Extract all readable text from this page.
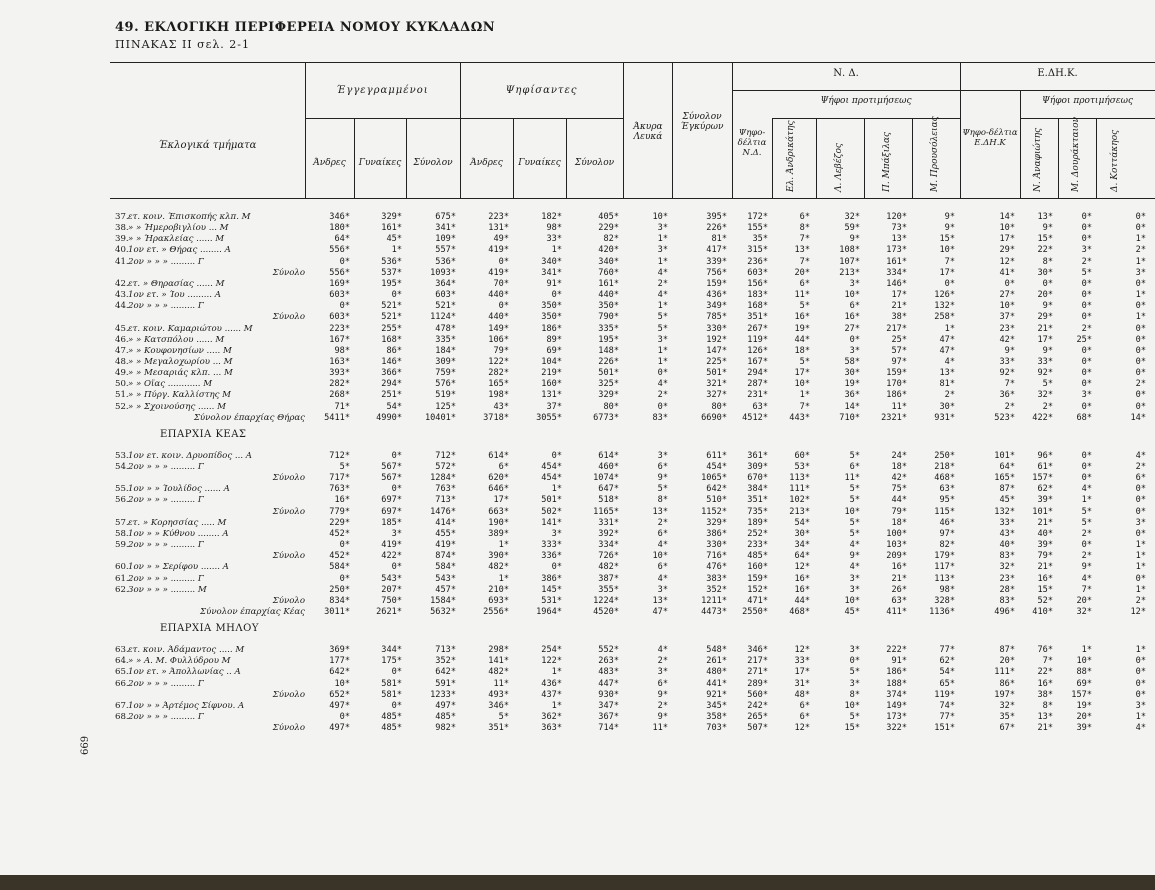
49. ΕΚΛΟΓΙΚΗ ΠΕΡΙΦΕΡΕΙΑ ΝΟΜΟΥ ΚΥΚΛΑΔΩΝ
ΠΙΝΑΚΑΣ ΙΙ σελ. 2-1
669
Έκλογικά τμήματα
Έγγεγραμμένοι	Ψηφίσαντες
Άνδρες	Γυναίκες	Σύνολον	Άνδρες	Γυναίκες	Σύνολον
Άκυρα Λευκά
Σύνολον Έγκύρων
Ν. Δ.
Ψηφο-δέλτια Ν.Δ.
Ψήφοι προτιμήσεως
Ε.ΔΗ.Κ.
Ψηφο-δέλτια Ε.ΔΗ.Κ
Ψήφοι προτιμήσεως
Ελ. Άνδρικάτης	Λ. Λεβέζος	Π. Μπάξιλας	Μ. Προυσόλειας	Ν. Άναφιώτης	Μ. Δουράκταιον	Δ. Κοττάκηος
37. ετ. κοιν. Έπισκοπής κλπ. Μ	346*	329*	675*	223*	182*	405*	10*	395*	172*	6*	32*	120*	9*	14*	13*	0*	0*
38. » » Ήμεροβιγλίου ... Μ	180*	161*	341*	131*	98*	229*	3*	226*	155*	8*	59*	73*	9*	10*	9*	0*	0*
39. » » Ήρακλείας ...... Μ	64*	45*	109*	49*	33*	82*	1*	81*	35*	7*	9*	13*	15*	17*	15*	0*	1*
40. 1ον ετ. » Θήρας ........ Α	556*	1*	557*	419*	1*	420*	3*	417*	315*	13*	108*	173*	10*	29*	22*	3*	2*
41. 2ον » » » ......... Γ	0*	536*	536*	0*	340*	340*	1*	339*	236*	7*	107*	161*	7*	12*	8*	2*	1*
Σύνολο	556*	537*	1093*	419*	341*	760*	4*	756*	603*	20*	213*	334*	17*	41*	30*	5*	3*
42. ετ. » Θηρασίας ...... Μ	169*	195*	364*	70*	91*	161*	2*	159*	156*	6*	3*	146*	0*	0*	0*	0*	0*
43. 1ον ετ. » Ίου ......... Α	603*	0*	603*	440*	0*	440*	4*	436*	183*	11*	10*	17*	126*	27*	20*	0*	1*
44. 2ον » » » ......... Γ	0*	521*	521*	0*	350*	350*	1*	349*	168*	5*	6*	21*	132*	10*	9*	0*	0*
Σύνολο	603*	521*	1124*	440*	350*	790*	5*	785*	351*	16*	16*	38*	258*	37*	29*	0*	1*
45. ετ. κοιν. Καμαριώτου ...... Μ	223*	255*	478*	149*	186*	335*	5*	330*	267*	19*	27*	217*	1*	23*	21*	2*	0*
46. » » Κατσπόλου ...... Μ	167*	168*	335*	106*	89*	195*	3*	192*	119*	44*	0*	25*	47*	42*	17*	25*	0*
47. » » Κουφονησίων ..... Μ	98*	86*	184*	79*	69*	148*	1*	147*	126*	18*	3*	57*	47*	9*	9*	0*	0*
48. » » Μεγαλοχωρίου ... Μ	163*	146*	309*	122*	104*	226*	1*	225*	167*	5*	58*	97*	4*	33*	33*	0*	0*
49. » » Μεσαριάς κλπ. ... Μ	393*	366*	759*	282*	219*	501*	0*	501*	294*	17*	30*	159*	13*	92*	92*	0*	0*
50. » » Οΐας ............ Μ	282*	294*	576*	165*	160*	325*	4*	321*	287*	10*	19*	170*	81*	7*	5*	0*	2*
51. » » Πύργ. Καλλίστης Μ	268*	251*	519*	198*	131*	329*	2*	327*	231*	1*	36*	186*	2*	36*	32*	3*	0*
52. » » Σχοινούσης ...... Μ	71*	54*	125*	43*	37*	80*	0*	80*	63*	7*	14*	11*	30*	2*	2*	0*	0*
Σύνολον έπαρχίας Θήρας	5411*	4990*	10401*	3718*	3055*	6773*	83*	6690*	4512*	443*	710*	2321*	931*	523*	422*	68*	14*
ΕΠΑΡΧΙΑ ΚΕΑΣ
53. 1ον ετ. κοιν. Δρυοπίδος ... Α	712*	0*	712*	614*	0*	614*	3*	611*	361*	60*	5*	24*	250*	101*	96*	0*	4*
54. 2ον » » » ......... Γ	5*	567*	572*	6*	454*	460*	6*	454*	309*	53*	6*	18*	218*	64*	61*	0*	2*
Σύνολο	717*	567*	1284*	620*	454*	1074*	9*	1065*	670*	113*	11*	42*	468*	165*	157*	0*	6*
55. 1ον » » Ίουλίδος ...... Α	763*	0*	763*	646*	1*	647*	5*	642*	384*	111*	5*	75*	63*	87*	62*	4*	0*
56. 2ον » » » ......... Γ	16*	697*	713*	17*	501*	518*	8*	510*	351*	102*	5*	44*	95*	45*	39*	1*	0*
Σύνολο	779*	697*	1476*	663*	502*	1165*	13*	1152*	735*	213*	10*	79*	115*	132*	101*	5*	0*
57. ετ. » Κορησσίας ..... Μ	229*	185*	414*	190*	141*	331*	2*	329*	189*	54*	5*	18*	46*	33*	21*	5*	3*
58. 1ον » » Κύθνου ........ Α	452*	3*	455*	389*	3*	392*	6*	386*	252*	30*	5*	100*	97*	43*	40*	2*	0*
59. 2ον » » » ......... Γ	0*	419*	419*	1*	333*	334*	4*	330*	233*	34*	4*	103*	82*	40*	39*	0*	1*
Σύνολο	452*	422*	874*	390*	336*	726*	10*	716*	485*	64*	9*	209*	179*	83*	79*	2*	1*
60. 1ον » » Σερίφου ....... Α	584*	0*	584*	482*	0*	482*	6*	476*	160*	12*	4*	16*	117*	32*	21*	9*	1*
61. 2ον » » » ......... Γ	0*	543*	543*	1*	386*	387*	4*	383*	159*	16*	3*	21*	113*	23*	16*	4*	0*
62. 3ον » » » ......... Μ	250*	207*	457*	210*	145*	355*	3*	352*	152*	16*	3*	26*	98*	28*	15*	7*	1*
Σύνολο	834*	750*	1584*	693*	531*	1224*	13*	1211*	471*	44*	10*	63*	328*	83*	52*	20*	2*
Σύνολον έπαρχίας Κέας	3011*	2621*	5632*	2556*	1964*	4520*	47*	4473*	2550*	468*	45*	411*	1136*	496*	410*	32*	12*
ΕΠΑΡΧΙΑ ΜΗΛΟΥ
63. ετ. κοιν. Άδάμαντος ..... Μ	369*	344*	713*	298*	254*	552*	4*	548*	346*	12*	3*	222*	77*	87*	76*	1*	1*
64. » » Α. Μ. Φυλλύδρου Μ	177*	175*	352*	141*	122*	263*	2*	261*	217*	33*	0*	91*	62*	20*	7*	10*	0*
65. 1ον ετ. » Άπολλωνίας .. Α	642*	0*	642*	482*	1*	483*	3*	480*	271*	17*	5*	186*	54*	111*	22*	88*	0*
66. 2ον » » » ......... Γ	10*	581*	591*	11*	436*	447*	6*	441*	289*	31*	3*	188*	65*	86*	16*	69*	0*
Σύνολο	652*	581*	1233*	493*	437*	930*	9*	921*	560*	48*	8*	374*	119*	197*	38*	157*	0*
67. 1ον » » Άρτέμος Σίφνου. Α	497*	0*	497*	346*	1*	347*	2*	345*	242*	6*	10*	149*	74*	32*	8*	19*	3*
68. 2ον » » » ......... Γ	0*	485*	485*	5*	362*	367*	9*	358*	265*	6*	5*	173*	77*	35*	13*	20*	1*
Σύνολο	497*	485*	982*	351*	363*	714*	11*	703*	507*	12*	15*	322*	151*	67*	21*	39*	4*
